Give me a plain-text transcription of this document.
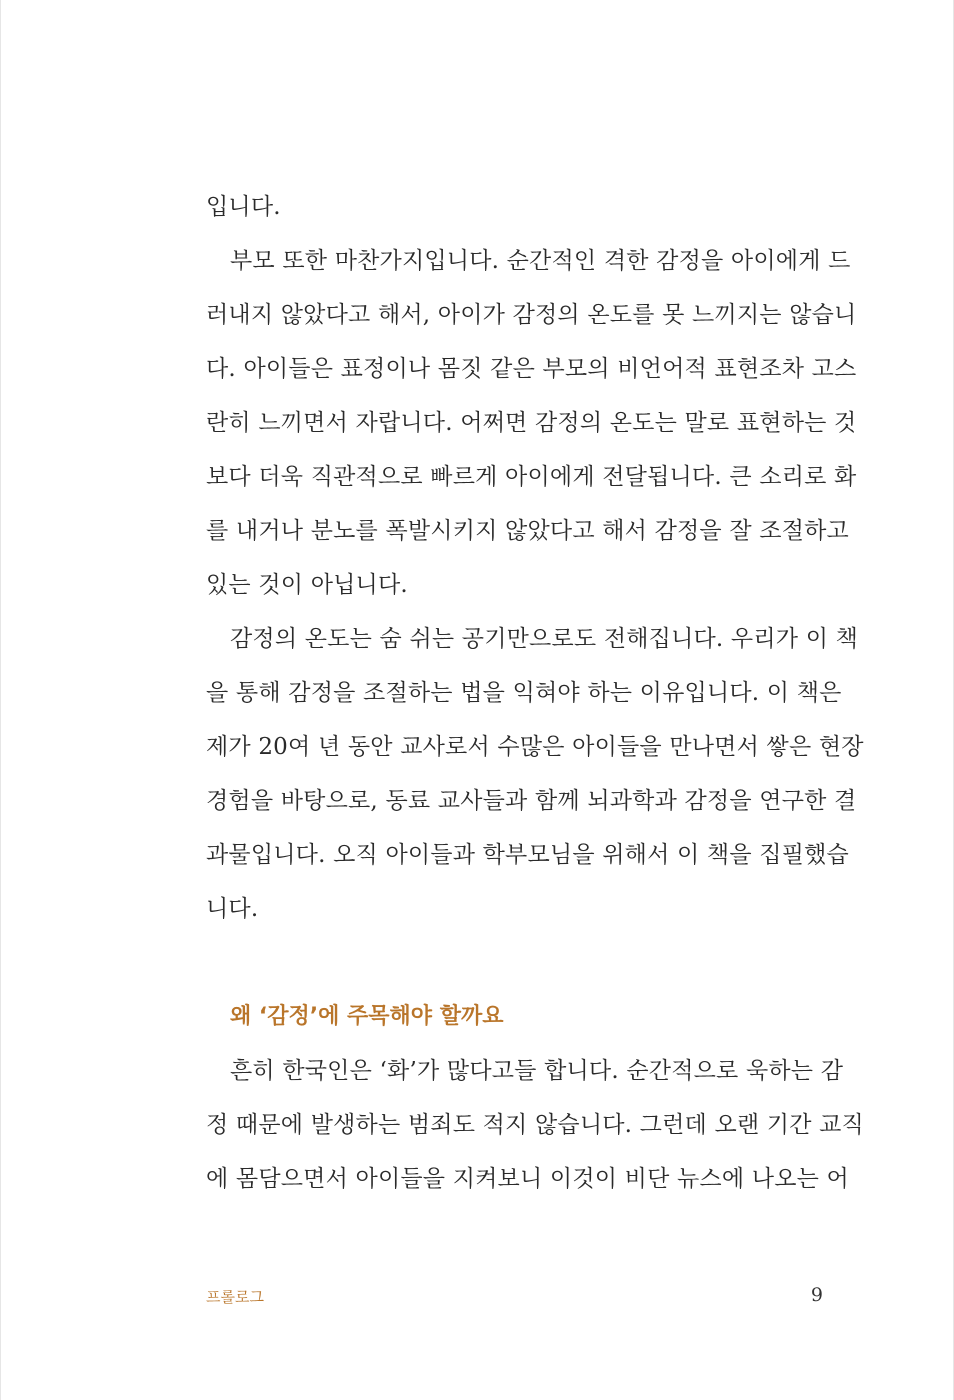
입니다.
부모 또한 마찬가지입니다. 순간적인 격한 감정을 아이에게 드
러내지 않았다고 해서, 아이가 감정의 온도를 못 느끼지는 않습니
다. 아이들은 표정이나 몸짓 같은 부모의 비언어적 표현조차 고스
란히 느끼면서 자랍니다. 어쩌면 감정의 온도는 말로 표현하는 것
보다 더욱 직관적으로 빠르게 아이에게 전달됩니다. 큰 소리로 화
를 내거나 분노를 폭발시키지 않았다고 해서 감정을 잘 조절하고
있는 것이 아닙니다.
감정의 온도는 숨 쉬는 공기만으로도 전해집니다. 우리가 이 책
을 통해 감정을 조절하는 법을 익혀야 하는 이유입니다. 이 책은
제가 20여 년 동안 교사로서 수많은 아이들을 만나면서 쌓은 현장
경험을 바탕으로, 동료 교사들과 함께 뇌과학과 감정을 연구한 결
과물입니다. 오직 아이들과 학부모님을 위해서 이 책을 집필했습
니다.
왜 ‘감정’에 주목해야 할까요
흔히 한국인은 ‘화’가 많다고들 합니다. 순간적으로 욱하는 감
정 때문에 발생하는 범죄도 적지 않습니다. 그런데 오랜 기간 교직
에 몸담으면서 아이들을 지켜보니 이것이 비단 뉴스에 나오는 어
프롤로그	9
